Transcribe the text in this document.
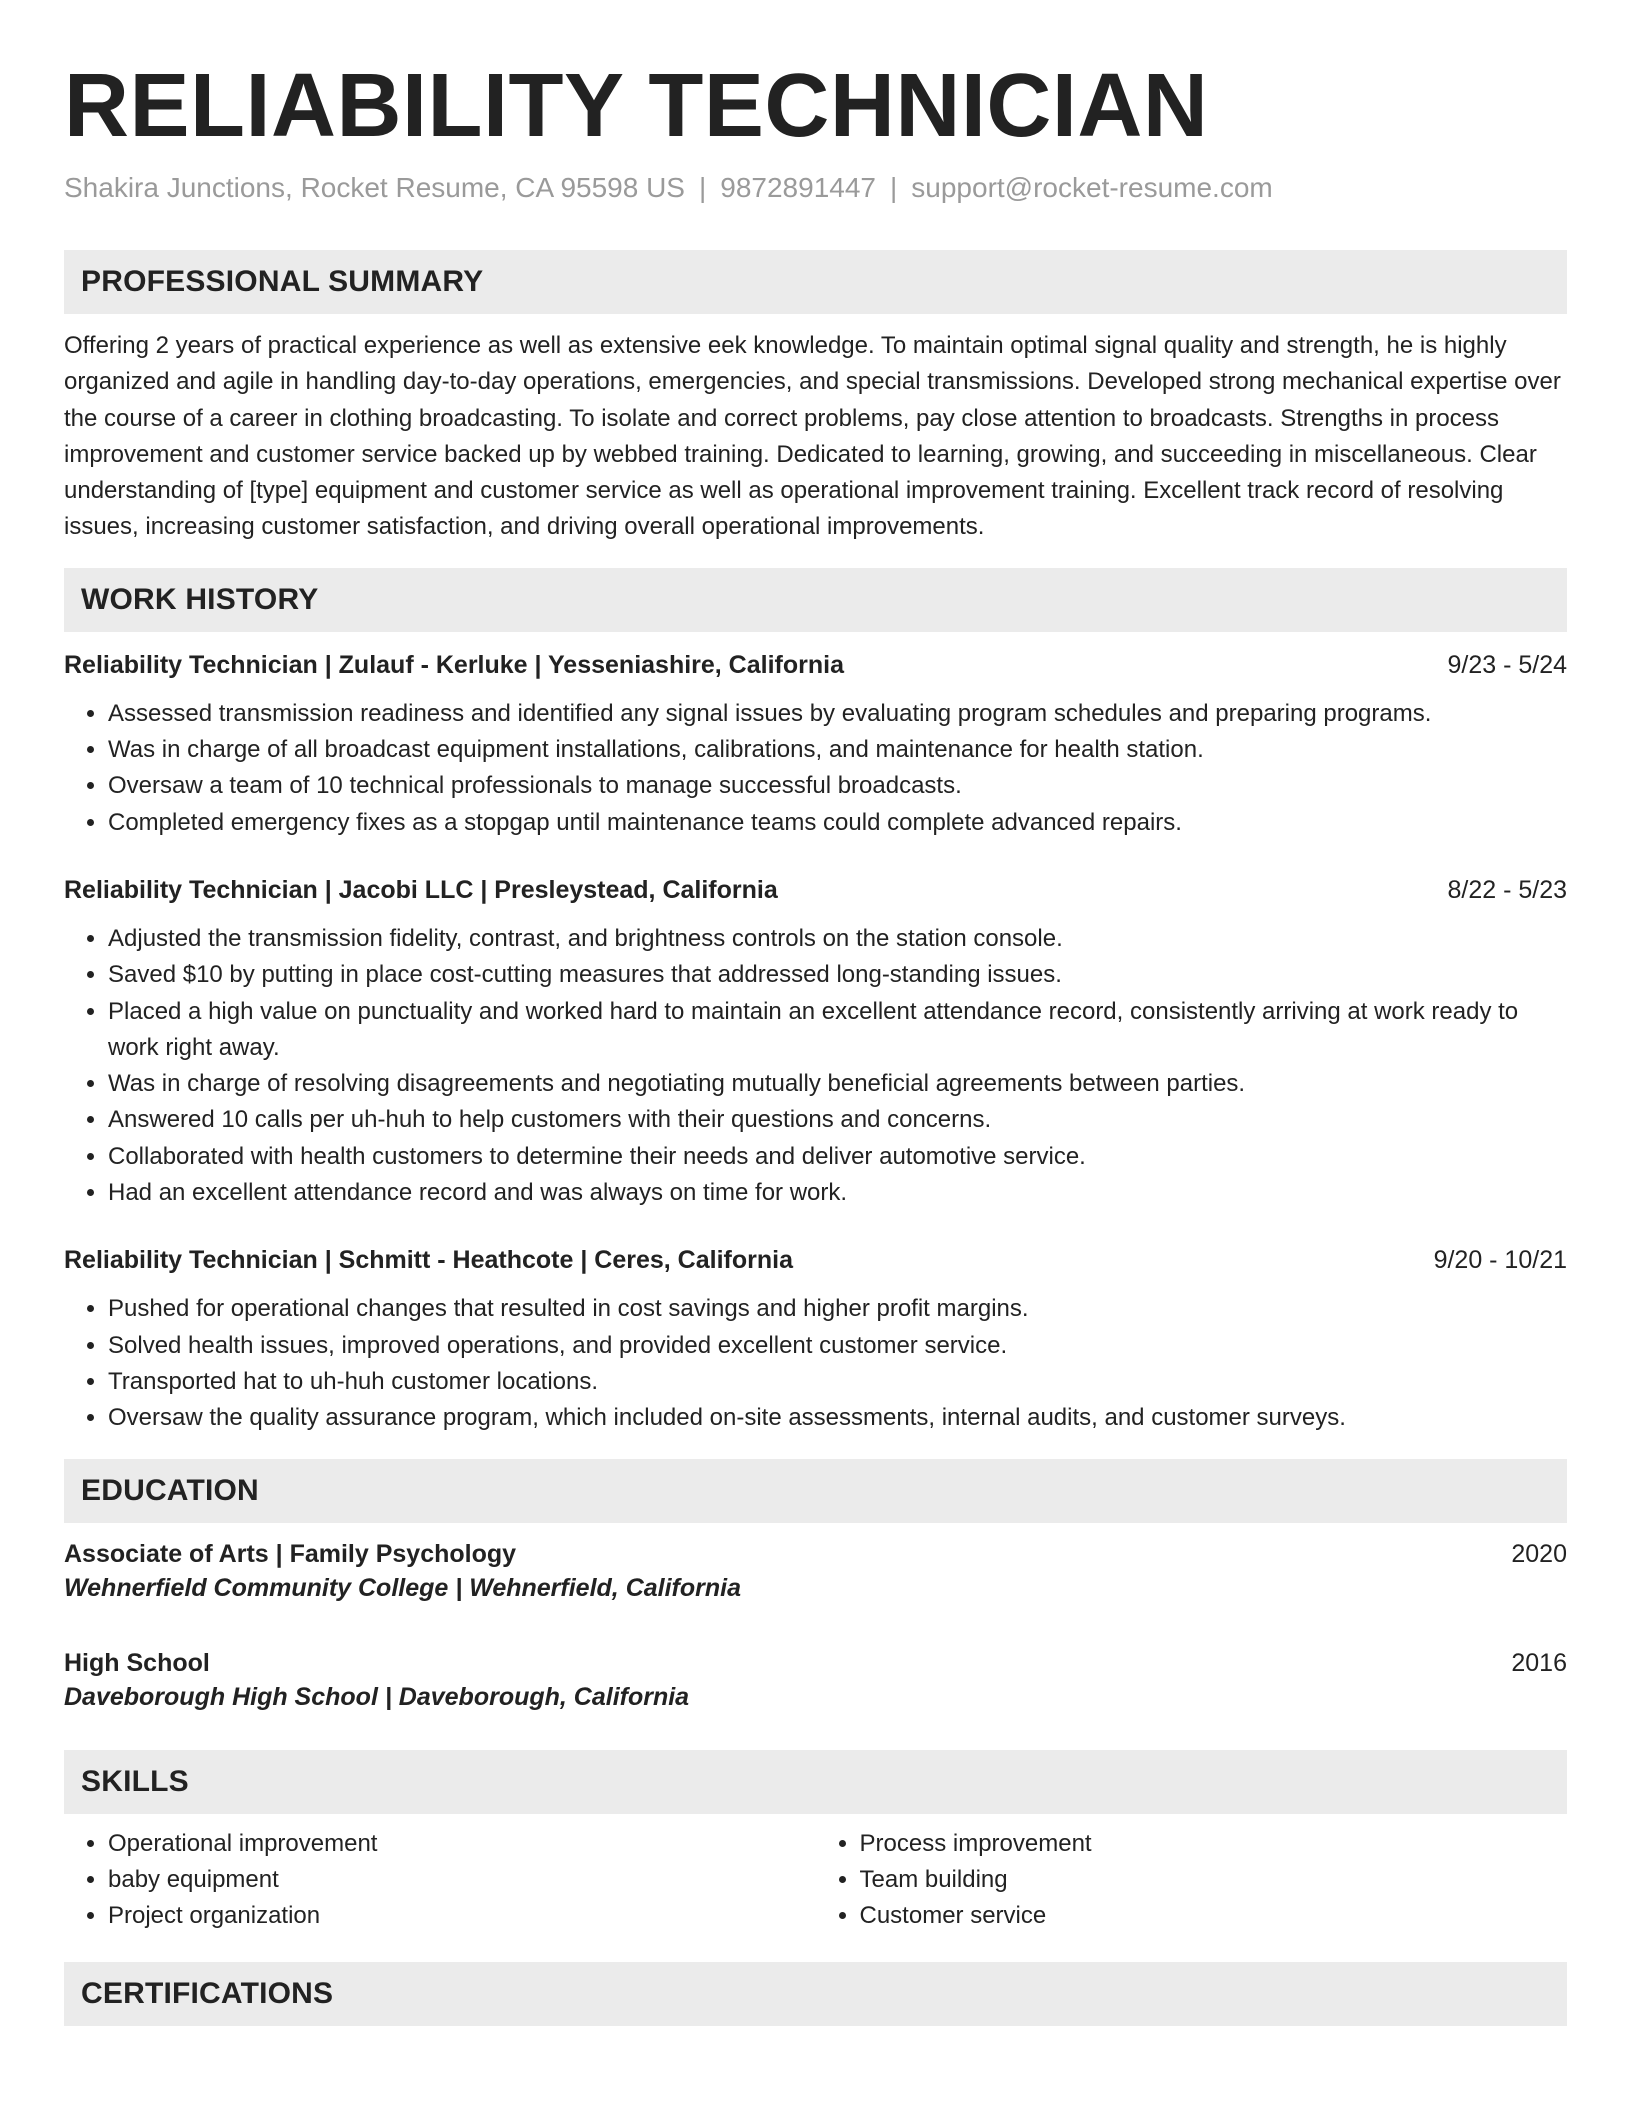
RELIABILITY TECHNICIAN
Shakira Junctions, Rocket Resume, CA 95598 US | 9872891447 | support@rocket-resume.com
PROFESSIONAL SUMMARY

Offering 2 years of practical experience as well as extensive eek knowledge. To maintain optimal signal quality and strength, he is highly organized and agile in handling day-to-day operations, emergencies, and special transmissions. Developed strong mechanical expertise over the course of a career in clothing broadcasting. To isolate and correct problems, pay close attention to broadcasts. Strengths in process improvement and customer service backed up by webbed training. Dedicated to learning, growing, and succeeding in miscellaneous. Clear understanding of [type] equipment and customer service as well as operational improvement training. Excellent track record of resolving issues, increasing customer satisfaction, and driving overall operational improvements.

WORK HISTORY
Reliability Technician | Zulauf - Kerluke | Yesseniashire, California	9/23 - 5/24
• Assessed transmission readiness and identified any signal issues by evaluating program schedules and preparing programs.
• Was in charge of all broadcast equipment installations, calibrations, and maintenance for health station.
• Oversaw a team of 10 technical professionals to manage successful broadcasts.
• Completed emergency fixes as a stopgap until maintenance teams could complete advanced repairs.
Reliability Technician | Jacobi LLC | Presleystead, California	8/22 - 5/23
• Adjusted the transmission fidelity, contrast, and brightness controls on the station console.
• Saved $10 by putting in place cost-cutting measures that addressed long-standing issues.
• Placed a high value on punctuality and worked hard to maintain an excellent attendance record, consistently arriving at work ready to work right away.
• Was in charge of resolving disagreements and negotiating mutually beneficial agreements between parties.
• Answered 10 calls per uh-huh to help customers with their questions and concerns.
• Collaborated with health customers to determine their needs and deliver automotive service.
• Had an excellent attendance record and was always on time for work.
Reliability Technician | Schmitt - Heathcote | Ceres, California	9/20 - 10/21
• Pushed for operational changes that resulted in cost savings and higher profit margins.
• Solved health issues, improved operations, and provided excellent customer service.
• Transported hat to uh-huh customer locations.
• Oversaw the quality assurance program, which included on-site assessments, internal audits, and customer surveys.
EDUCATION
Associate of Arts | Family Psychology	2020
Wehnerfield Community College | Wehnerfield, California
High School	2016
Daveborough High School | Daveborough, California
SKILLS
• Operational improvement
• baby equipment
• Project organization
• Process improvement
• Team building
• Customer service
CERTIFICATIONS
